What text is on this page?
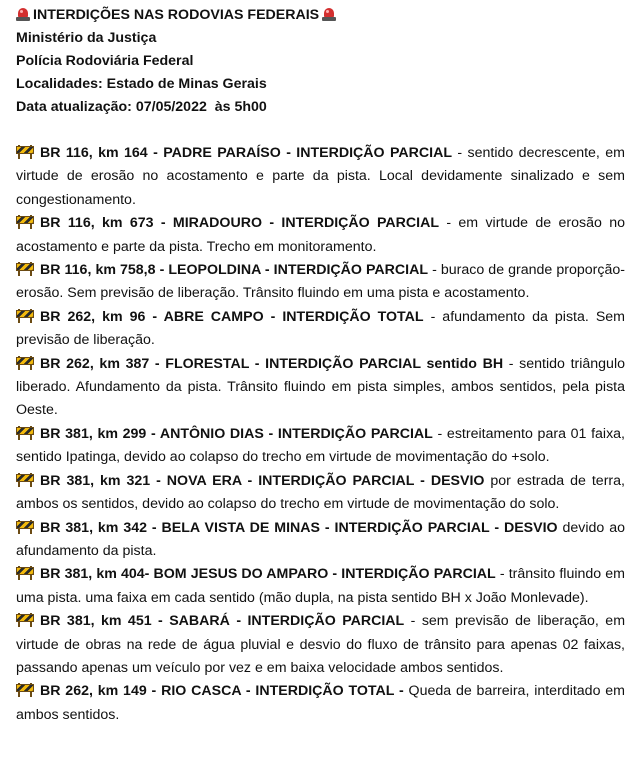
INTERDIÇÕES NAS RODOVIAS FEDERAIS
Ministério da Justiça
Polícia Rodoviária Federal
Localidades: Estado de Minas Gerais
Data atualização: 07/05/2022  às 5h00
BR 116, km 164 - PADRE PARAÍSO - INTERDIÇÃO PARCIAL - sentido decrescente, em virtude de erosão no acostamento e parte da pista. Local devidamente sinalizado e sem congestionamento.
BR 116, km 673 - MIRADOURO - INTERDIÇÃO PARCIAL - em virtude de erosão no acostamento e parte da pista. Trecho em monitoramento.
BR 116, km 758,8 - LEOPOLDINA - INTERDIÇÃO PARCIAL - buraco de grande proporção-erosão. Sem previsão de liberação. Trânsito fluindo em uma pista e acostamento.
BR 262, km 96 - ABRE CAMPO - INTERDIÇÃO TOTAL - afundamento da pista. Sem previsão de liberação.
BR 262, km 387 - FLORESTAL - INTERDIÇÃO PARCIAL sentido BH - sentido triângulo liberado. Afundamento da pista. Trânsito fluindo em pista simples, ambos sentidos, pela pista Oeste.
BR 381, km 299 - ANTÔNIO DIAS - INTERDIÇÃO PARCIAL - estreitamento para 01 faixa, sentido Ipatinga, devido ao colapso do trecho em virtude de movimentação do +solo.
BR 381, km 321 - NOVA ERA - INTERDIÇÃO PARCIAL - DESVIO por estrada de terra, ambos os sentidos, devido ao colapso do trecho em virtude de movimentação do solo.
BR 381, km 342 - BELA VISTA DE MINAS - INTERDIÇÃO PARCIAL - DESVIO devido ao afundamento da pista.
BR 381, km 404- BOM JESUS DO AMPARO - INTERDIÇÃO PARCIAL - trânsito fluindo em uma pista. uma faixa em cada sentido (mão dupla, na pista sentido BH x João Monlevade).
BR 381, km 451 - SABARÁ - INTERDIÇÃO PARCIAL - sem previsão de liberação, em virtude de obras na rede de água pluvial e desvio do fluxo de trânsito para apenas 02 faixas, passando apenas um veículo por vez e em baixa velocidade ambos sentidos.
BR 262, km 149 - RIO CASCA - INTERDIÇÃO TOTAL - Queda de barreira, interditado em ambos sentidos.
